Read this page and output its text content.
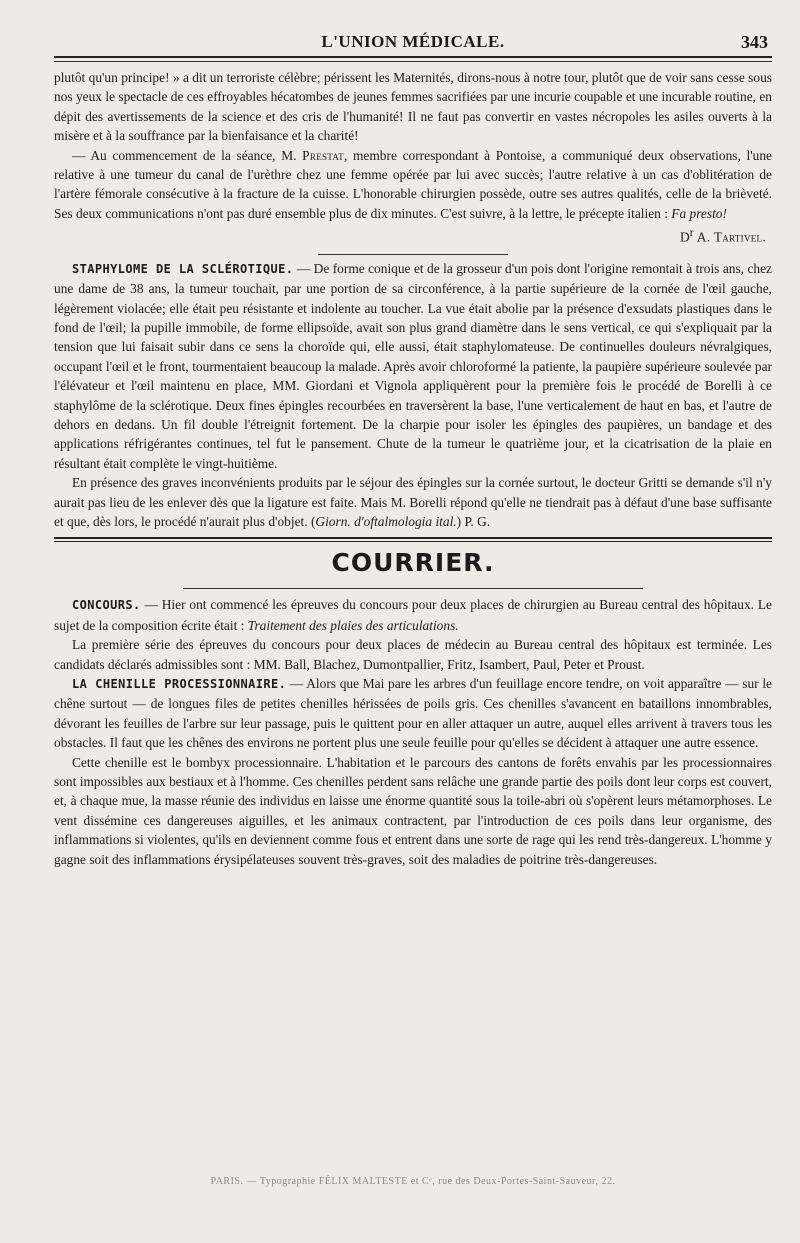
L'UNION MÉDICALE.	343

plutôt qu'un principe! » a dit un terroriste célèbre; périssent les Maternités, dirons-nous à notre tour, plutôt que de voir sans cesse sous nos yeux le spectacle de ces effroyables hécatombes de jeunes femmes sacrifiées par une incurie coupable et une incurable routine, en dépit des avertissements de la science et des cris de l'humanité! Il ne faut pas convertir en vastes nécropoles les asiles ouverts à la misère et à la souffrance par la bienfaisance et la charité!

— Au commencement de la séance, M. Prestat, membre correspondant à Pontoise, a communiqué deux observations, l'une relative à une tumeur du canal de l'urèthre chez une femme opérée par lui avec succès; l'autre relative à un cas d'oblitération de l'artère fémorale consécutive à la fracture de la cuisse. L'honorable chirurgien possède, outre ses autres qualités, celle de la brièveté. Ses deux communications n'ont pas duré ensemble plus de dix minutes. C'est suivre, à la lettre, le précepte italien : Fa presto!

$D^r$ A. Tartivel.

STAPHYLOME DE LA SCLÉROTIQUE. — De forme conique et de la grosseur d'un pois dont l'origine remontait à trois ans, chez une dame de 38 ans, la tumeur touchait, par une portion de sa circonférence, à la partie supérieure de la cornée de l'œil gauche, légèrement violacée; elle était peu résistante et indolente au toucher. La vue était abolie par la présence d'exsudats plastiques dans le fond de l'œil; la pupille immobile, de forme ellipsoïde, avait son plus grand diamètre dans le sens vertical, ce qui s'expliquait par la tension que lui faisait subir dans ce sens la choroïde qui, elle aussi, était staphylomateuse. De continuelles douleurs névralgiques, occupant l'œil et le front, tourmentaient beaucoup la malade. Après avoir chloroformé la patiente, la paupière supérieure soulevée par l'élévateur et l'œil maintenu en place, MM. Giordani et Vignola appliquèrent pour la première fois le procédé de Borelli à ce staphylôme de la sclérotique. Deux fines épingles recourbées en traversèrent la base, l'une verticalement de haut en bas, et l'autre de dehors en dedans. Un fil double l'étreignit fortement. De la charpie pour isoler les épingles des paupières, un bandage et des applications réfrigérantes continues, tel fut le pansement. Chute de la tumeur le quatrième jour, et la cicatrisation de la plaie en résultant était complète le vingt-huitième.

En présence des graves inconvénients produits par le séjour des épingles sur la cornée surtout, le docteur Gritti se demande s'il n'y aurait pas lieu de les enlever dès que la ligature est faite. Mais M. Borelli répond qu'elle ne tiendrait pas à défaut d'une base suffisante et que, dès lors, le procédé n'aurait plus d'objet. (Giorn. d'oftalmologia ital.) P. G.

COURRIER.

CONCOURS. — Hier ont commencé les épreuves du concours pour deux places de chirurgien au Bureau central des hôpitaux. Le sujet de la composition écrite était : Traitement des plaies des articulations.

La première série des épreuves du concours pour deux places de médecin au Bureau central des hôpitaux est terminée. Les candidats déclarés admissibles sont : MM. Ball, Blachez, Dumontpallier, Fritz, Isambert, Paul, Peter et Proust.

LA CHENILLE PROCESSIONNAIRE. — Alors que Mai pare les arbres d'un feuillage encore tendre, on voit apparaître — sur le chêne surtout — de longues files de petites chenilles hérissées de poils gris. Ces chenilles s'avancent en bataillons innombrables, dévorant les feuilles de l'arbre sur leur passage, puis le quittent pour en aller attaquer un autre, auquel elles arrivent à travers tous les obstacles. Il faut que les chênes des environs ne portent plus une seule feuille pour qu'elles se décident à attaquer une autre essence.

Cette chenille est le bombyx processionnaire. L'habitation et le parcours des cantons de forêts envahis par les processionnaires sont impossibles aux bestiaux et à l'homme. Ces chenilles perdent sans relâche une grande partie des poils dont leur corps est couvert, et, à chaque mue, la masse réunie des individus en laisse une énorme quantité sous la toile-abri où s'opèrent leurs métamorphoses. Le vent dissémine ces dangereuses aiguilles, et les animaux contractent, par l'introduction de ces poils dans leur organisme, des inflammations si violentes, qu'ils en deviennent comme fous et entrent dans une sorte de rage qui les rend très-dangereux. L'homme y gagne soit des inflammations érysipélateuses souvent très-graves, soit des maladies de poitrine très-dangereuses.

PARIS. — Typographie FÉLIX MALTESTE et Cᵉ, rue des Deux-Portes-Saint-Sauveur, 22.
